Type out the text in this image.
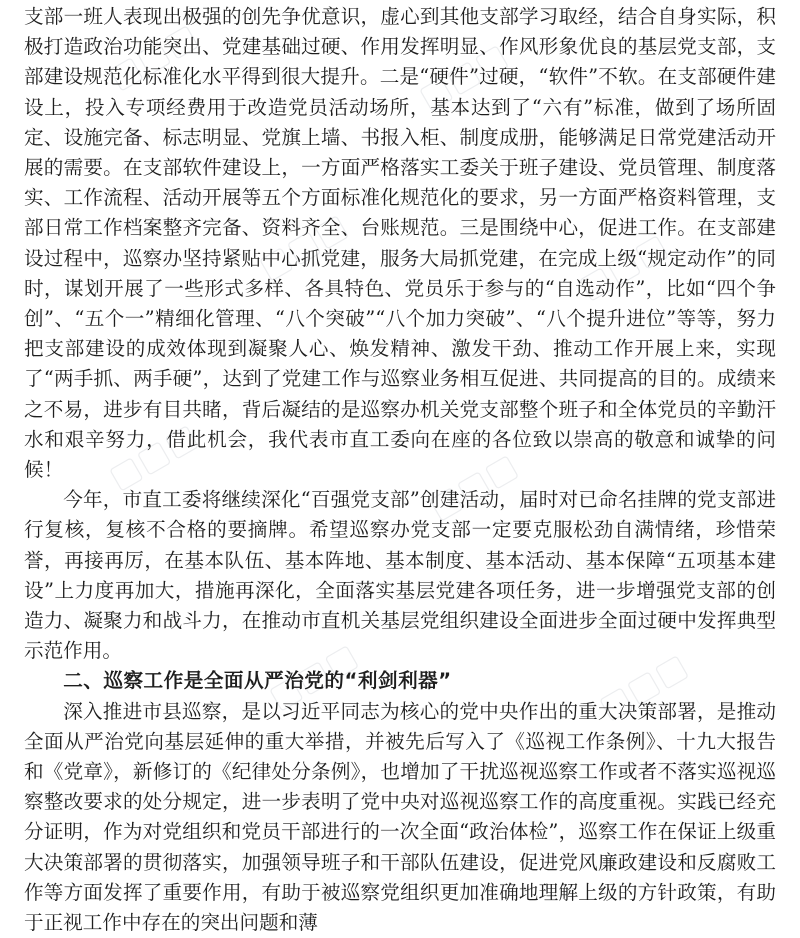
支部一班人表现出极强的创先争优意识，虚心到其他支部学习取经，结合自身实际，积极打造政治功能突出、党建基础过硬、作用发挥明显、作风形象优良的基层党支部，支部建设规范化标准化水平得到很大提升。二是“硬件”过硬，“软件”不软。在支部硬件建设上，投入专项经费用于改造党员活动场所，基本达到了“六有”标准，做到了场所固定、设施完备、标志明显、党旗上墙、书报入柜、制度成册，能够满足日常党建活动开展的需要。在支部软件建设上，一方面严格落实工委关于班子建设、党员管理、制度落实、工作流程、活动开展等五个方面标准化规范化的要求，另一方面严格资料管理，支部日常工作档案整齐完备、资料齐全、台账规范。三是围绕中心，促进工作。在支部建设过程中，巡察办坚持紧贴中心抓党建，服务大局抓党建，在完成上级“规定动作”的同时，谋划开展了一些形式多样、各具特色、党员乐于参与的“自选动作”，比如“四个争创”、“五个一”精细化管理、“八个突破”“八个加力突破”、“八个提升进位”等等，努力把支部建设的成效体现到凝聚人心、焕发精神、激发干劲、推动工作开展上来，实现了“两手抓、两手硬”，达到了党建工作与巡察业务相互促进、共同提高的目的。成绩来之不易，进步有目共睹，背后凝结的是巡察办机关党支部整个班子和全体党员的辛勤汗水和艰辛努力，借此机会，我代表市直工委向在座的各位致以崇高的敬意和诚挚的问候！

今年，市直工委将继续深化“百强党支部”创建活动，届时对已命名挂牌的党支部进行复核，复核不合格的要摘牌。希望巡察办党支部一定要克服松劲自满情绪，珍惜荣誉，再接再厉，在基本队伍、基本阵地、基本制度、基本活动、基本保障“五项基本建设”上力度再加大，措施再深化，全面落实基层党建各项任务，进一步增强党支部的创造力、凝聚力和战斗力，在推动市直机关基层党组织建设全面进步全面过硬中发挥典型示范作用。

二、巡察工作是全面从严治党的“利剑利器”

深入推进市县巡察，是以习近平同志为核心的党中央作出的重大决策部署，是推动全面从严治党向基层延伸的重大举措，并被先后写入了《巡视工作条例》、十九大报告和《党章》，新修订的《纪律处分条例》，也增加了干扰巡视巡察工作或者不落实巡视巡察整改要求的处分规定，进一步表明了党中央对巡视巡察工作的高度重视。实践已经充分证明，作为对党组织和党员干部进行的一次全面“政治体检”，巡察工作在保证上级重大决策部署的贯彻落实，加强领导班子和干部队伍建设，促进党风廉政建设和反腐败工作等方面发挥了重要作用，有助于被巡察党组织更加准确地理解上级的方针政策，有助于正视工作中存在的突出问题和薄
